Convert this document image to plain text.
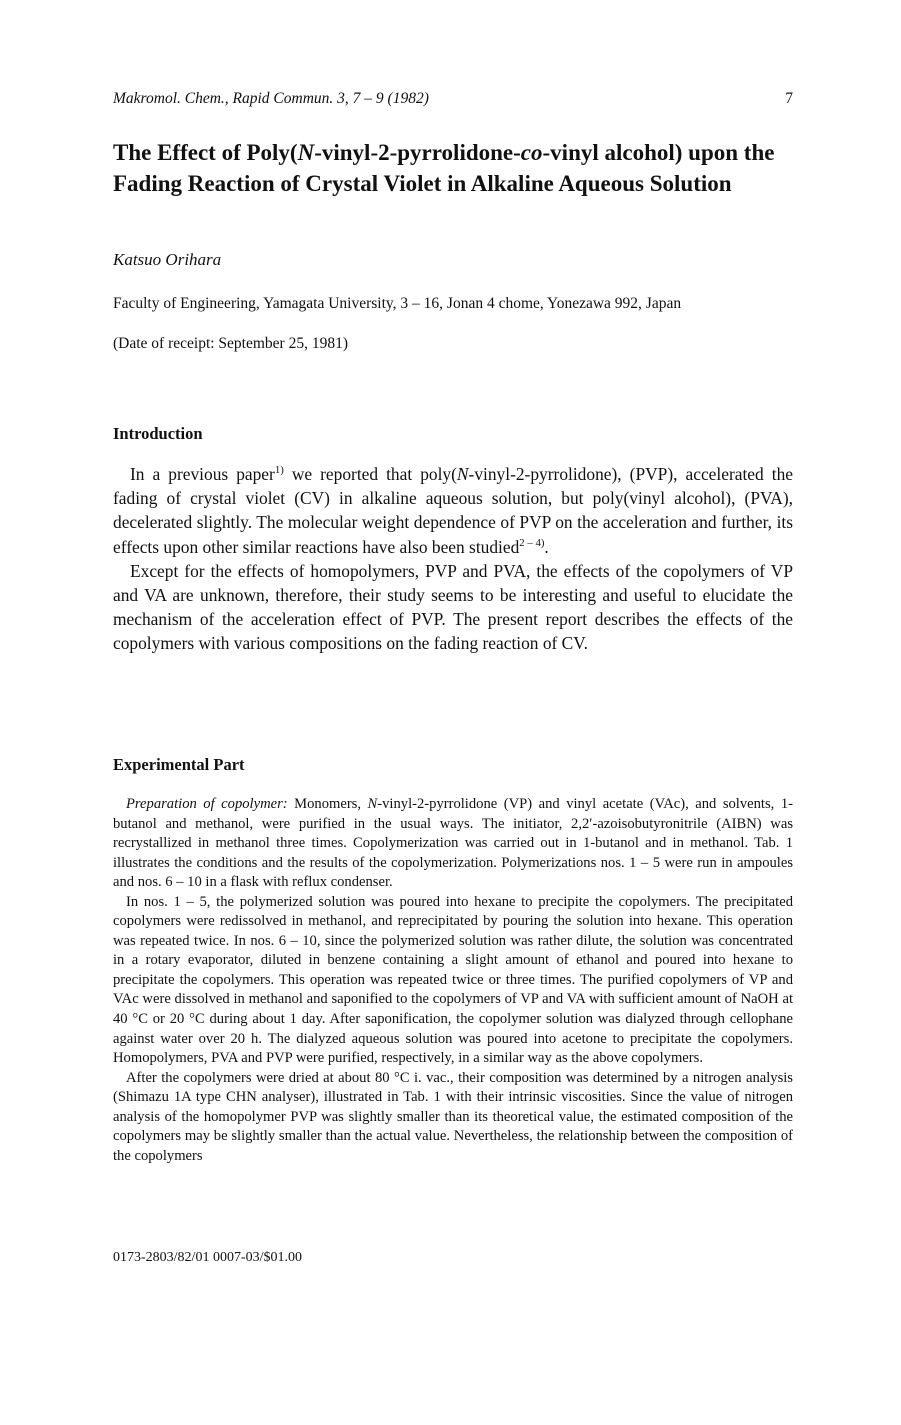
Makromol. Chem., Rapid Commun. 3, 7 – 9 (1982)	7
The Effect of Poly(N-vinyl-2-pyrrolidone-co-vinyl alcohol) upon the Fading Reaction of Crystal Violet in Alkaline Aqueous Solution
Katsuo Orihara
Faculty of Engineering, Yamagata University, 3 – 16, Jonan 4 chome, Yonezawa 992, Japan
(Date of receipt: September 25, 1981)
Introduction

In a previous paper$^{1)}$ we reported that poly(N-vinyl-2-pyrrolidone), (PVP), accelerated the fading of crystal violet (CV) in alkaline aqueous solution, but poly(vinyl alcohol), (PVA), decelerated slightly. The molecular weight dependence of PVP on the acceleration and further, its effects upon other similar reactions have also been studied$^{2 - 4)}$.

Except for the effects of homopolymers, PVP and PVA, the effects of the copolymers of VP and VA are unknown, therefore, their study seems to be interesting and useful to elucidate the mechanism of the acceleration effect of PVP. The present report describes the effects of the copolymers with various compositions on the fading reaction of CV.

Experimental Part

Preparation of copolymer: Monomers, N-vinyl-2-pyrrolidone (VP) and vinyl acetate (VAc), and solvents, 1-butanol and methanol, were purified in the usual ways. The initiator, 2,2′-azoisobutyronitrile (AIBN) was recrystallized in methanol three times. Copolymerization was carried out in 1-butanol and in methanol. Tab. 1 illustrates the conditions and the results of the copolymerization. Polymerizations nos. 1 – 5 were run in ampoules and nos. 6 – 10 in a flask with reflux condenser.

In nos. 1 – 5, the polymerized solution was poured into hexane to precipite the copolymers. The precipitated copolymers were redissolved in methanol, and reprecipitated by pouring the solution into hexane. This operation was repeated twice. In nos. 6 – 10, since the polymerized solution was rather dilute, the solution was concentrated in a rotary evaporator, diluted in benzene containing a slight amount of ethanol and poured into hexane to precipitate the copolymers. This operation was repeated twice or three times. The purified copolymers of VP and VAc were dissolved in methanol and saponified to the copolymers of VP and VA with sufficient amount of NaOH at 40 °C or 20 °C during about 1 day. After saponification, the copolymer solution was dialyzed through cellophane against water over 20 h. The dialyzed aqueous solution was poured into acetone to precipitate the copolymers. Homopolymers, PVA and PVP were purified, respectively, in a similar way as the above copolymers.

After the copolymers were dried at about 80 °C i. vac., their composition was determined by a nitrogen analysis (Shimazu 1A type CHN analyser), illustrated in Tab. 1 with their intrinsic viscosities. Since the value of nitrogen analysis of the homopolymer PVP was slightly smaller than its theoretical value, the estimated composition of the copolymers may be slightly smaller than the actual value. Nevertheless, the relationship between the composition of the copolymers

0173-2803/82/01 0007-03/$01.00
